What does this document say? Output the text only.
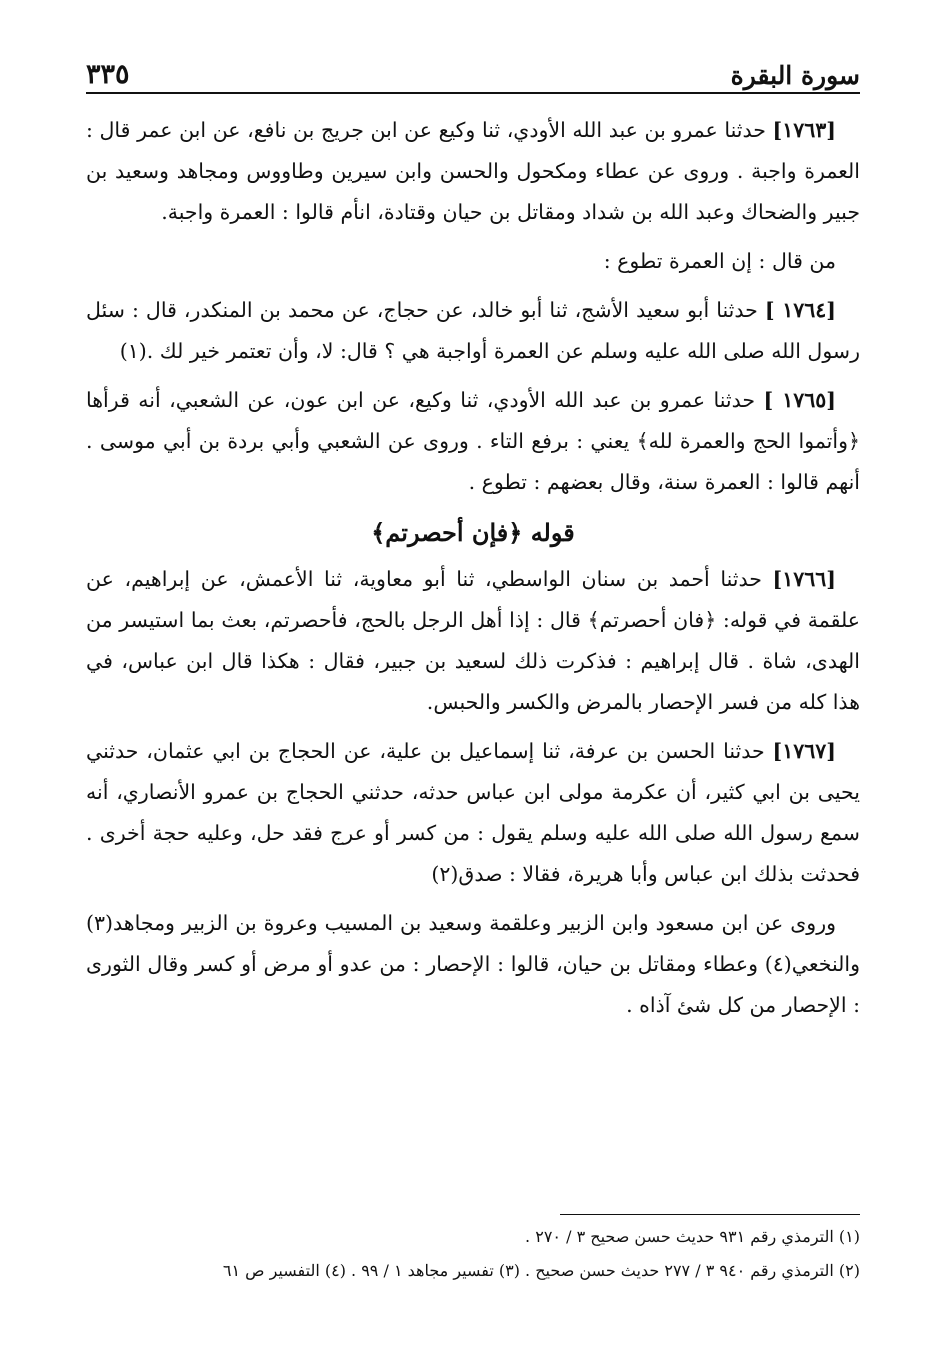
سورة البقرة
٣٣٥

[١٧٦٣] حدثنا عمرو بن عبد الله الأودي، ثنا وكيع عن ابن جريج بن نافع، عن ابن عمر قال : العمرة واجبة . وروى عن عطاء ومكحول والحسن وابن سيرين وطاووس ومجاهد وسعيد بن جبير والضحاك وعبد الله بن شداد ومقاتل بن حيان وقتادة، انأم قالوا : العمرة واجبة.

من قال : إن العمرة تطوع :

[١٧٦٤ ] حدثنا أبو سعيد الأشج، ثنا أبو خالد، عن حجاج، عن محمد بن المنكدر، قال : سئل رسول الله صلى الله عليه وسلم عن العمرة أواجبة هي ؟ قال: لا، وأن تعتمر خير لك .(١)

[١٧٦٥ ] حدثنا عمرو بن عبد الله الأودي، ثنا وكيع، عن ابن عون، عن الشعبي، أنه قرأها ﴿وأتموا الحج والعمرة لله﴾ يعني : برفع التاء . وروى عن الشعبي وأبي بردة بن أبي موسى . أنهم قالوا : العمرة سنة، وقال بعضهم : تطوع .

قوله ﴿فإن أحصرتم﴾

[١٧٦٦] حدثنا أحمد بن سنان الواسطي، ثنا أبو معاوية، ثنا الأعمش، عن إبراهيم، عن علقمة في قوله: ﴿فان أحصرتم﴾ قال : إذا أهل الرجل بالحج، فأحصرتم، بعث بما استيسر من الهدى، شاة . قال إبراهيم : فذكرت ذلك لسعيد بن جبير، فقال : هكذا قال ابن عباس، في هذا كله من فسر الإحصار بالمرض والكسر والحبس.

[١٧٦٧] حدثنا الحسن بن عرفة، ثنا إسماعيل بن علية، عن الحجاج بن ابي عثمان، حدثني يحيى بن ابي كثير، أن عكرمة مولى ابن عباس حدثه، حدثني الحجاج بن عمرو الأنصاري، أنه سمع رسول الله صلى الله عليه وسلم يقول : من كسر أو عرج فقد حل، وعليه حجة أخرى . فحدثت بذلك ابن عباس وأبا هريرة، فقالا : صدق(٢)

وروى عن ابن مسعود وابن الزبير وعلقمة وسعيد بن المسيب وعروة بن الزبير ومجاهد(٣) والنخعي(٤) وعطاء ومقاتل بن حيان، قالوا : الإحصار : من عدو أو مرض أو كسر وقال الثورى : الإحصار من كل شئ آذاه .

(١) الترمذي رقم ٩٣١ حديث حسن صحيح ٣ / ٢٧٠ .

(٢) الترمذي رقم ٩٤٠ ٣ / ٢٧٧ حديث حسن صحيح . (٣) تفسير مجاهد ١ / ٩٩ . (٤) التفسير ص ٦١
